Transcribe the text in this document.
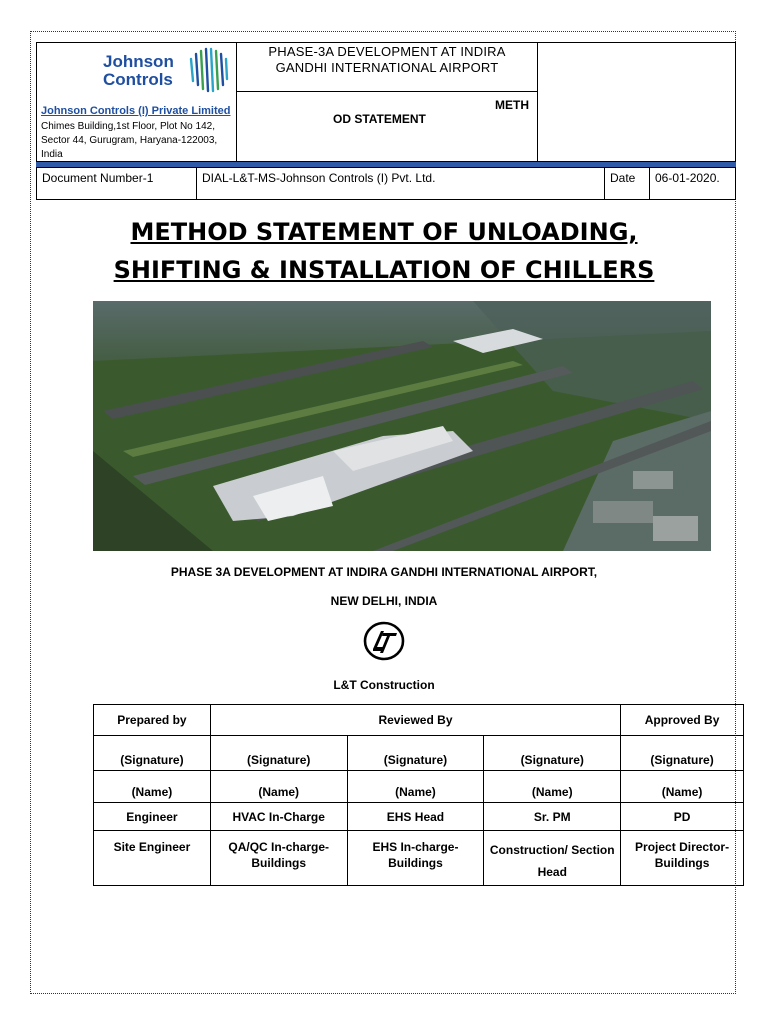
Johnson
Controls
Johnson Controls (I) Private Limited
Chimes Building,1st Floor, Plot No 142,
Sector 44, Gurugram, Haryana-122003,
India
PHASE-3A DEVELOPMENT AT INDIRA
GANDHI INTERNATIONAL AIRPORT
METH
OD STATEMENT
Document Number-1	DIAL-L&T-MS-Johnson Controls (I) Pvt. Ltd.	Date 06-01-2020.
METHOD STATEMENT OF UNLOADING,
SHIFTING & INSTALLATION OF CHILLERS
PHASE 3A DEVELOPMENT AT INDIRA GANDHI INTERNATIONAL AIRPORT,
NEW DELHI, INDIA
L&T Construction
Prepared by	Reviewed By			Approved By
(Signature)	(Signature)	(Signature)	(Signature)	(Signature)
(Name)	(Name)	(Name)	(Name)	(Name)
Engineer	HVAC In-Charge	EHS Head	Sr. PM	PD
Site Engineer	QA/QC In-charge-Buildings	EHS In-charge-Buildings	Construction/ Section Head	Project Director-Buildings
